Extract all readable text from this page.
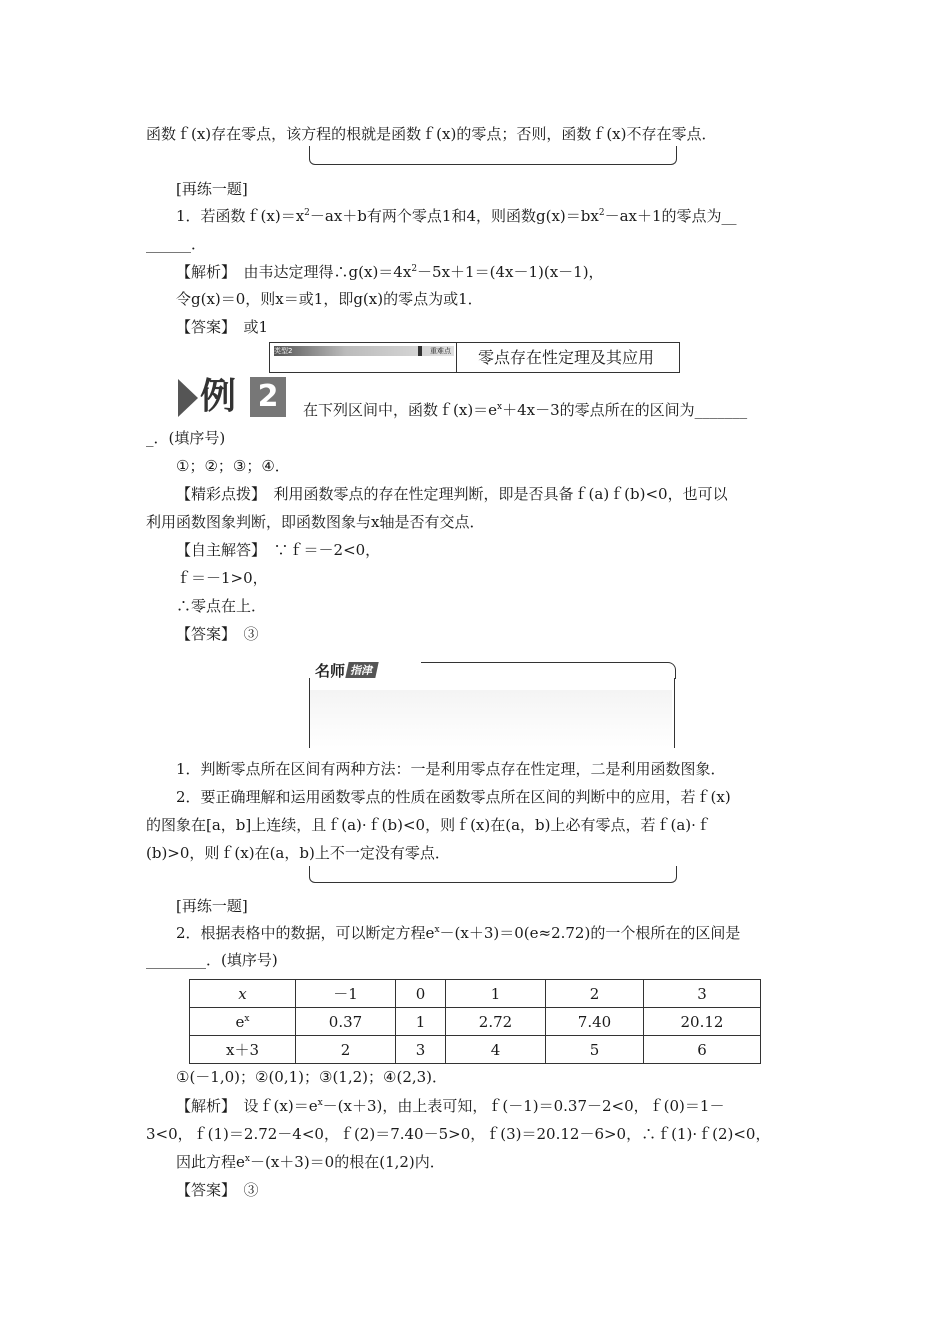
函数ｆ(x)存在零点，该方程的根就是函数ｆ(x)的零点；否则，函数ｆ(x)不存在零点．
[再练一题]
1．若函数$f(x)=x^2-ax+b$有两个零点1和4，则函数$g(x)=bx^2-ax+1$的零点为__
______．
【解析】　 由韦达定理得$\therefore g(x)=4x^2-5x+1=(4x-1)(x-1)$，
令g(x)＝0，则x＝或1，即g(x)的零点为或1．
【答案】　 或1
类型2	重难点 零点存在性定理及其应用
例 2	在下列区间中，函数$f(x)=e^x+4x-3$的零点所在的区间为_______
_．(填序号)
①；②；③；④．
【精彩点拨】　 利用函数零点的存在性定理判断，即是否具备ｆ(a)ｆ(b)<0，也可以
利用函数图象判断，即函数图象与x轴是否有交点．
【自主解答】　 ∵ｆ＝－2<0，
ｆ＝－1>0，
∴零点在上．
【答案】　 ③
名师 指津
1．判断零点所在区间有两种方法：一是利用零点存在性定理，二是利用函数图象．
2．要正确理解和运用函数零点的性质在函数零点所在区间的判断中的应用，若ｆ(x)
的图象在[a，b]上连续，且ｆ(a)·ｆ(b)<0，则ｆ(x)在(a，b)上必有零点，若ｆ(a)·ｆ
(b)>0，则ｆ(x)在(a，b)上不一定没有零点．
[再练一题]
2．根据表格中的数据，可以断定方程$e^x-(x+3)=0(e\approx 2.72)$的一个根所在的区间是
________．(填序号)
x	－1	0	1	2	3
$e^x$	0.37	1	2.72	7.40	20.12
x＋3	2	3	4	5	6
①(－1,0)；②(0,1)；③(1,2)；④(2,3)．
【解析】　 设$f(x)=e^x-(x+3)$，由上表可知，ｆ(－1)＝0.37－2<0，ｆ(0)＝1－
3<0，ｆ(1)＝2.72－4<0，ｆ(2)＝7.40－5>0，ｆ(3)＝20.12－6>0，∴ｆ(1)·ｆ(2)<0，
因此方程$e^x-(x+3)=0$的根在(1,2)内．
【答案】　 ③
